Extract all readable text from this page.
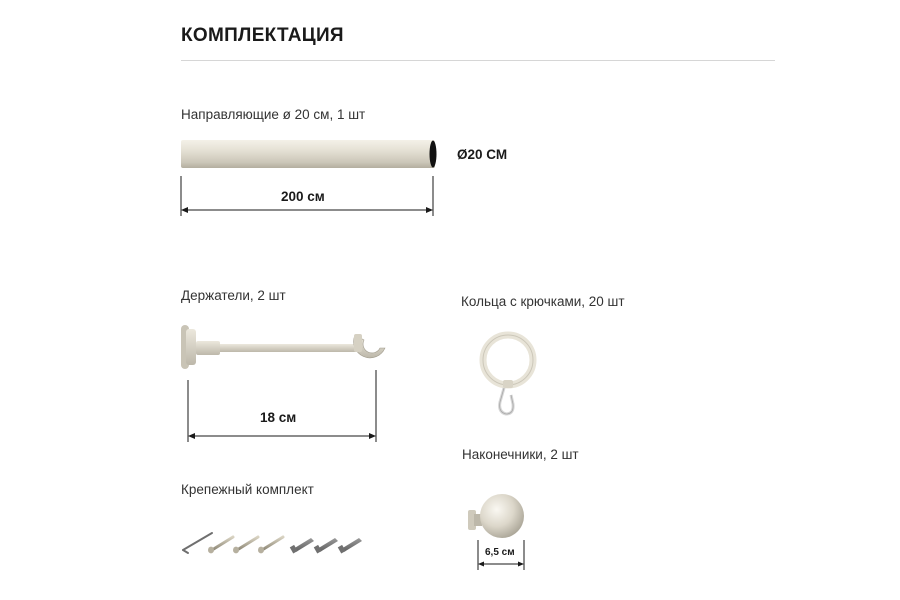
КОМПЛЕКТАЦИЯ
Направляющие ø 20 см, 1 шт
Ø20 СМ
200 см
Держатели, 2 шт
18 см
Кольца с крючками, 20 шт
Наконечники, 2 шт
6,5 см
Крепежный комплект
